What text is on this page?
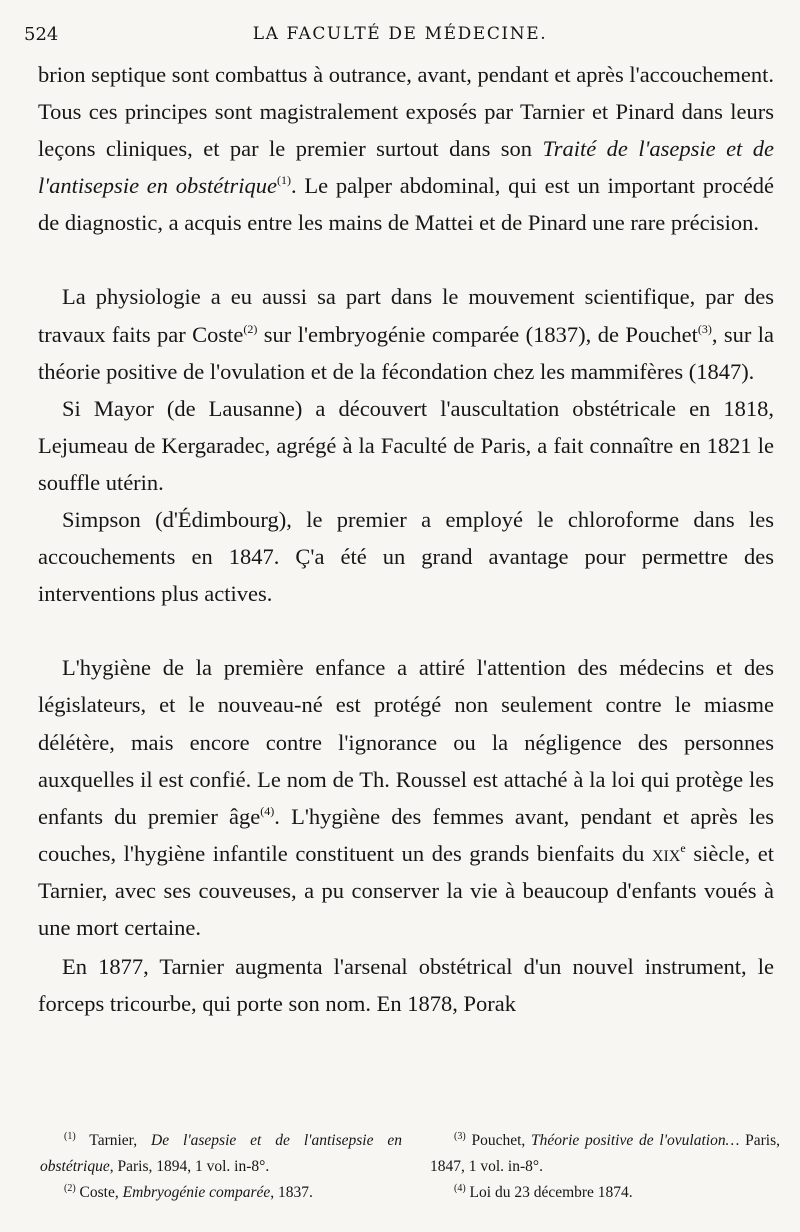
524	LA FACULTÉ DE MÉDECINE.

brion septique sont combattus à outrance, avant, pendant et après l'accouchement. Tous ces principes sont magistralement exposés par Tarnier et Pinard dans leurs leçons cliniques, et par le premier surtout dans son Traité de l'asepsie et de l'antisepsie en obstétrique$^{(1)}$. Le palper abdominal, qui est un important procédé de diagnostic, a acquis entre les mains de Mattei et de Pinard une rare précision.

La physiologie a eu aussi sa part dans le mouvement scientifique, par des travaux faits par Coste$^{(2)}$ sur l'embryogénie comparée (1837), de Pouchet$^{(3)}$, sur la théorie positive de l'ovulation et de la fécondation chez les mammifères (1847).

Si Mayor (de Lausanne) a découvert l'auscultation obstétricale en 1818, Lejumeau de Kergaradec, agrégé à la Faculté de Paris, a fait connaître en 1821 le souffle utérin.

Simpson (d'Édimbourg), le premier a employé le chloroforme dans les accouchements en 1847. Ç'a été un grand avantage pour permettre des interventions plus actives.

L'hygiène de la première enfance a attiré l'attention des médecins et des législateurs, et le nouveau-né est protégé non seulement contre le miasme délétère, mais encore contre l'ignorance ou la négligence des personnes auxquelles il est confié. Le nom de Th. Roussel est attaché à la loi qui protège les enfants du premier âge$^{(4)}$. L'hygiène des femmes avant, pendant et après les couches, l'hygiène infantile constituent un des grands bienfaits du xix$^e$ siècle, et Tarnier, avec ses couveuses, a pu conserver la vie à beaucoup d'enfants voués à une mort certaine.

En 1877, Tarnier augmenta l'arsenal obstétrical d'un nouvel instrument, le forceps tricourbe, qui porte son nom. En 1878, Porak

$^{(1)}$ Tarnier, De l'asepsie et de l'antisepsie en obstétrique, Paris, 1894, 1 vol. in-8°.
$^{(2)}$ Coste, Embryogénie comparée, 1837.
$^{(3)}$ Pouchet, Théorie positive de l'ovulation… Paris, 1847, 1 vol. in-8°.
$^{(4)}$ Loi du 23 décembre 1874.
